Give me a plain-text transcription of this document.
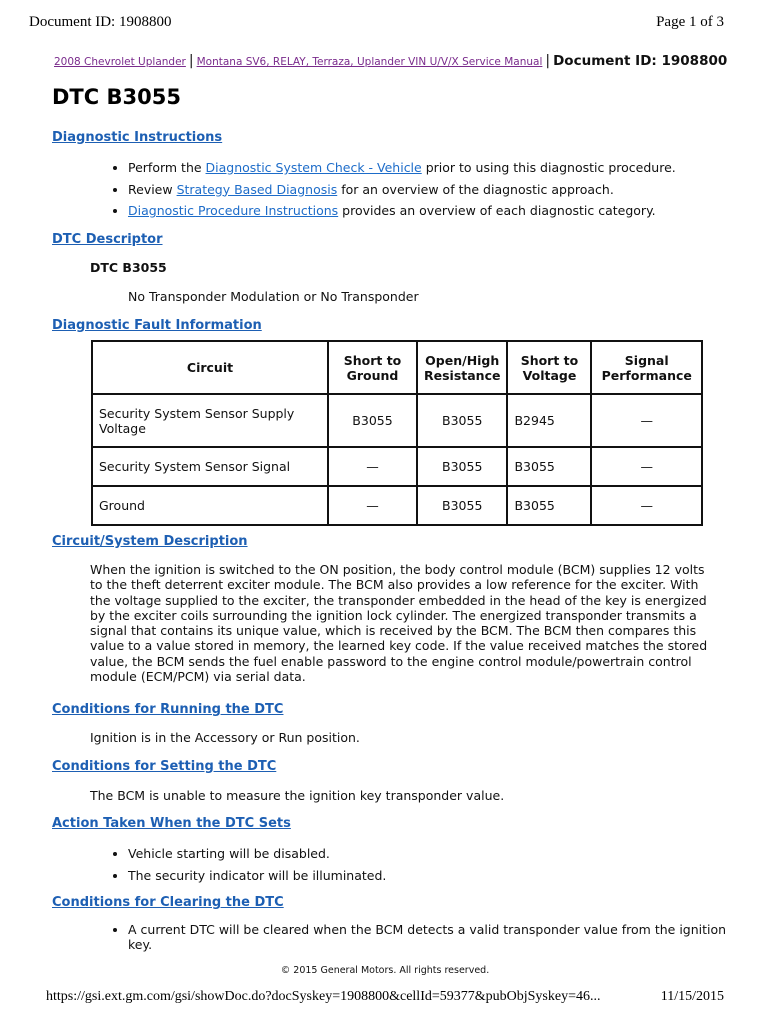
Document ID: 1908800	Page 1 of 3
2008 Chevrolet Uplander | Montana SV6, RELAY, Terraza, Uplander VIN U/V/X Service Manual | Document ID: 1908800
DTC B3055
Diagnostic Instructions
• Perform the Diagnostic System Check - Vehicle prior to using this diagnostic procedure.
• Review Strategy Based Diagnosis for an overview of the diagnostic approach.
• Diagnostic Procedure Instructions provides an overview of each diagnostic category.
DTC Descriptor
DTC B3055
No Transponder Modulation or No Transponder
Diagnostic Fault Information
Circuit	Short to Ground	Open/High Resistance	Short to Voltage	Signal Performance
Security System Sensor Supply Voltage	B3055	B3055	B2945	—
Security System Sensor Signal	—	B3055	B3055	—
Ground	—	B3055	B3055	—
Circuit/System Description

When the ignition is switched to the ON position, the body control module (BCM) supplies 12 volts to the theft deterrent exciter module. The BCM also provides a low reference for the exciter. With the voltage supplied to the exciter, the transponder embedded in the head of the key is energized by the exciter coils surrounding the ignition lock cylinder. The energized transponder transmits a signal that contains its unique value, which is received by the BCM. The BCM then compares this value to a value stored in memory, the learned key code. If the value received matches the stored value, the BCM sends the fuel enable password to the engine control module/powertrain control module (ECM/PCM) via serial data.

Conditions for Running the DTC

Ignition is in the Accessory or Run position.

Conditions for Setting the DTC

The BCM is unable to measure the ignition key transponder value.

Action Taken When the DTC Sets
• Vehicle starting will be disabled.
• The security indicator will be illuminated.
Conditions for Clearing the DTC
• A current DTC will be cleared when the BCM detects a valid transponder value from the ignition key.
© 2015 General Motors. All rights reserved.
https://gsi.ext.gm.com/gsi/showDoc.do?docSyskey=1908800&cellId=59377&pubObjSyskey=46...	11/15/2015
